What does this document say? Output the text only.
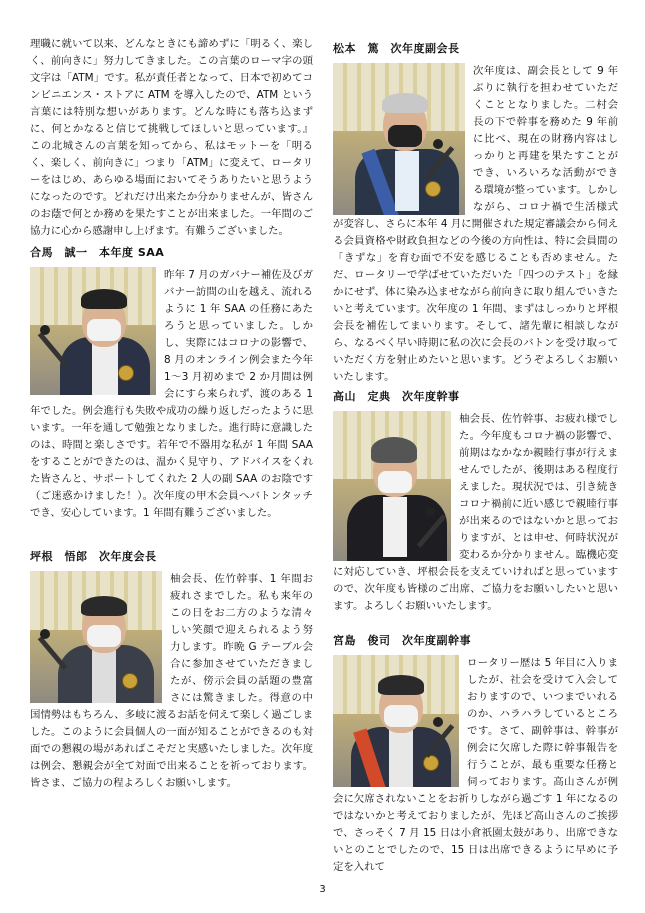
理職に就いて以来、どんなときにも諦めずに「明るく、楽しく、前向きに」努力してきました。この言葉のローマ字の頭文字は「ATM」です。私が責任者となって、日本で初めてコンビニエンス・ストアに ATM を導入したので、ATM という言葉には特別な想いがあります。どんな時にも落ち込まずに、何とかなると信じて挑戦してほしいと思っています。』この北城さんの言葉を知ってから、私はモットーを「明るく、楽しく、前向きに」つまり「ATM」に変えて、ロータリーをはじめ、あらゆる場面においてそうありたいと思うようになったのです。どれだけ出来たか分かりませんが、皆さんのお蔭で何とか務めを果たすことが出来ました。一年間のご協力に心から感謝申し上げます。有難うございました。

合馬　誠一　本年度 SAA

昨年 7 月のガバナー補佐及びガバナー訪問の山を越え、流れるように 1 年 SAA の任務にあたろうと思っていました。しかし、実際にはコロナの影響で、8 月のオンライン例会また今年 1～3 月初めまで 2 か月間は例会にすら来られず、渡のある 1 年でした。例会進行も失敗や成功の繰り返しだったように思います。一年を通して勉強となりました。進行時に意識したのは、時間と楽しさです。若年で不器用な私が 1 年間 SAA をすることができたのは、温かく見守り、アドバイスをくれた皆さんと、サポートしてくれた 2 人の副 SAA のお陰です（ご迷惑かけました！）。次年度の甲木会員へバトンタッチでき、安心しています。1 年間有難うございました。

坪根　悟郎　次年度会長

柚会長、佐竹幹事、1 年間お疲れさまでした。私も来年のこの日をお二方のような清々しい笑顔で迎えられるよう努力します。昨晩 G テーブル会合に参加させていただきましたが、傍示会員の話題の豊富さには驚きました。得意の中国情勢はもちろん、多岐に渡るお話を伺えて楽しく過ごしました。このように会員個人の一面が知ることができるのも対面での懇親の場があればこそだと実感いたしました。次年度は例会、懇親会が全て対面で出来ることを祈っております。皆さま、ご協力の程よろしくお願いします。

松本　篤　次年度副会長

次年度は、副会長として 9 年ぶりに執行を担わせていただくこととなりました。二村会長の下で幹事を務めた 9 年前に比べ、現在の財務内容はしっかりと再建を果たすことができ、いろいろな活動ができる環境が整っています。しかしながら、コロナ禍で生活様式が変容し、さらに本年 4 月に開催された規定審議会から伺える会員資格や財政負担などの今後の方向性は、特に会員間の「きずな」を育む面で不安を感じることも否めません。ただ、ロータリーで学ばせていただいた「四つのテスト」を縁かにせず、体に染み込ませながら前向きに取り組んでいきたいと考えています。次年度の 1 年間、まずはしっかりと坪根会長を補佐してまいります。そして、諸先輩に相談しながら、なるべく早い時期に私の次に会長のバトンを受け取っていただく方を射止めたいと思います。どうぞよろしくお願いいたします。

高山　定典　次年度幹事

柚会長、佐竹幹事、お疲れ様でした。今年度もコロナ禍の影響で、前期はなかなか親睦行事が行えませんでしたが、後期はある程度行えました。現状況では、引き続きコロナ禍前に近い感じで親睦行事が出来るのではないかと思っておりますが、とは申せ、何時状況が変わるか分かりません。臨機応変に対応していき、坪根会長を支えていければと思っていますので、次年度も皆様のご出席、ご協力をお願いしたいと思います。よろしくお願いいたします。

宮島　俊司　次年度副幹事

ロータリー歴は 5 年目に入りましたが、社会を受けて入会しておりますので、いつまでいれるのか、ハラハラしているところです。さて、副幹事は、幹事が例会に欠席した際に幹事報告を行うことが、最も重要な任務と伺っております。高山さんが例会に欠席されないことをお祈りしながら過ごす 1 年になるのではないかと考えておりましたが、先ほど高山さんのご挨拶で、さっそく 7 月 15 日は小倉祇園太鼓があり、出席できないとのことでしたので、15 日は出席できるように早めに予定を入れて

3
